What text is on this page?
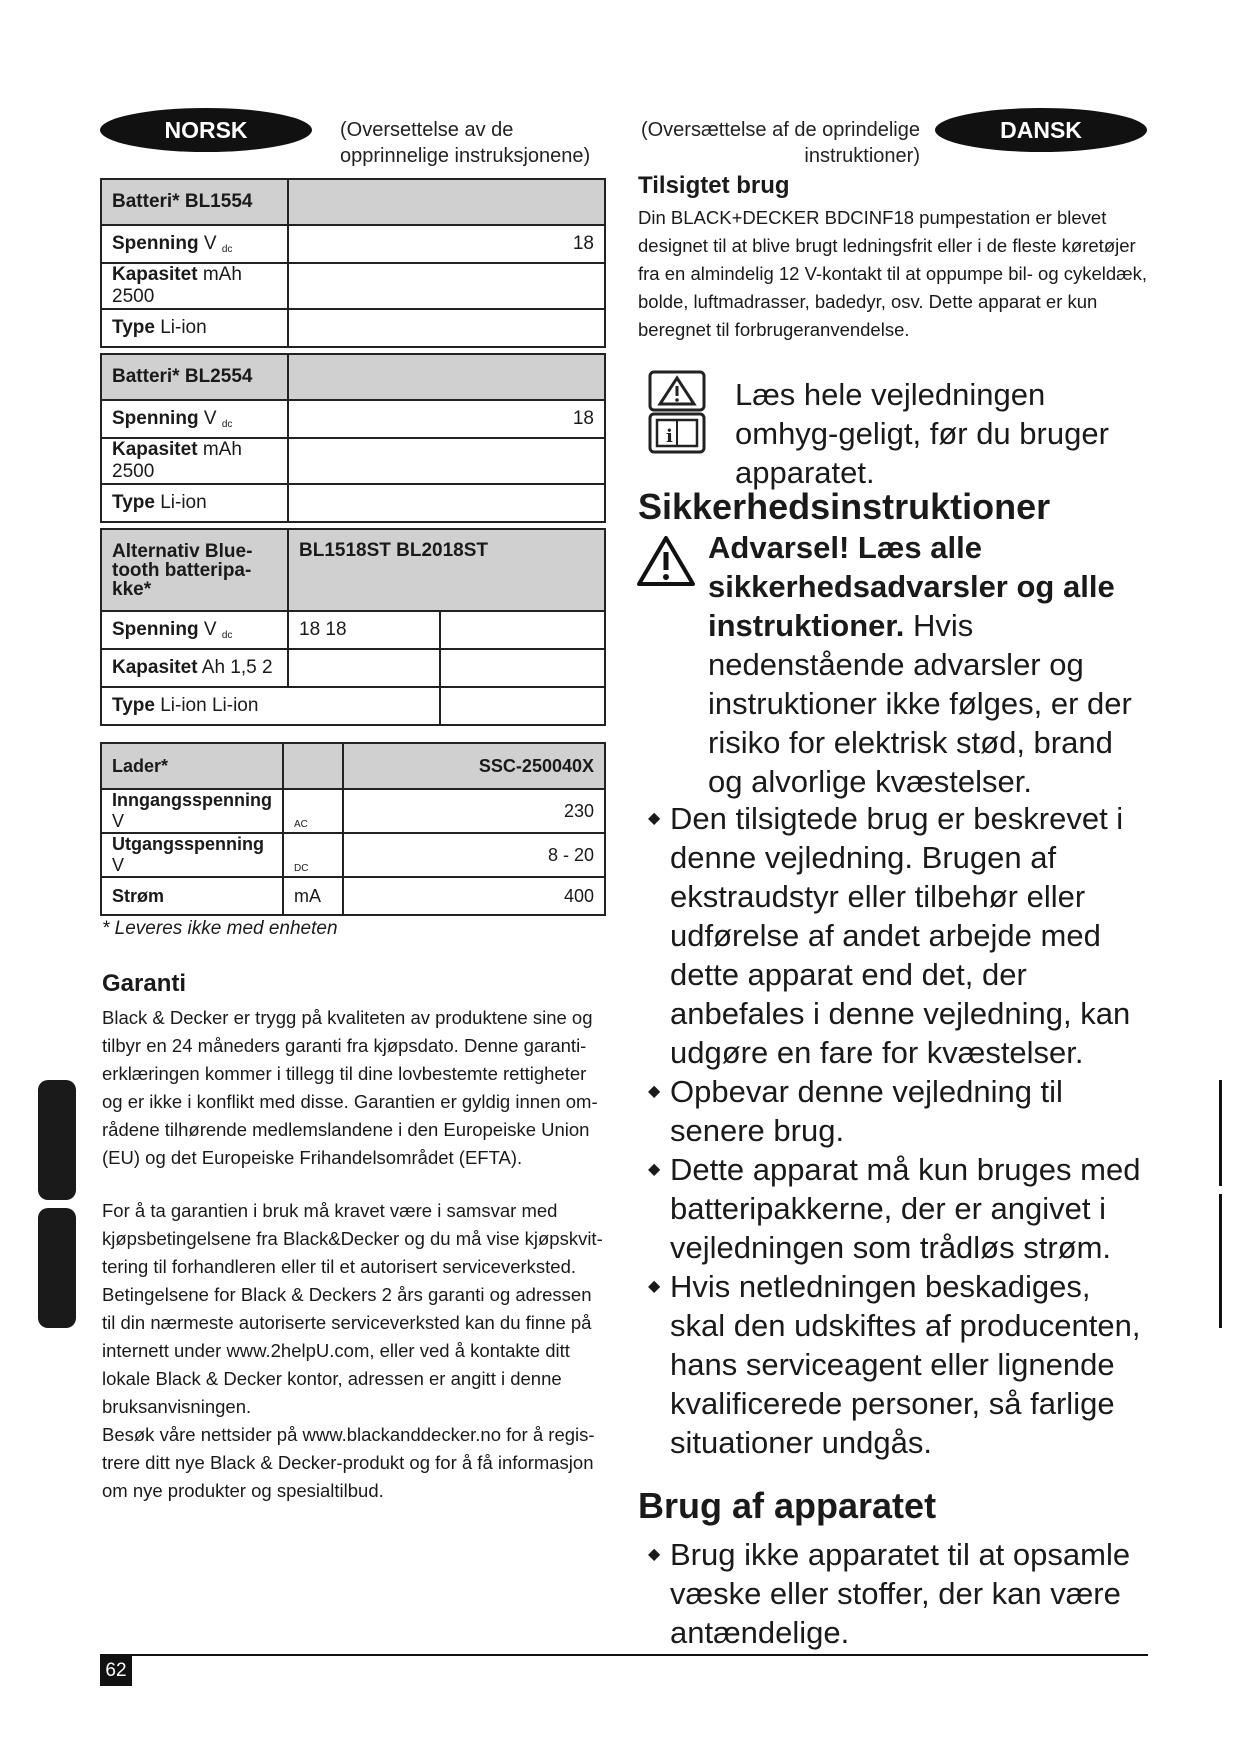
NORSK	(Oversettelse av de opprinnelige instruksjonene)
Batteri* BL1554	
Spenning V dc	18
Kapasitet mAh 2500	
Type Li-ion	
Batteri* BL2554	
Spenning V dc	18
Kapasitet mAh 2500	
Type Li-ion	
Alternativ Blue- tooth batteripa- kke*	BL1518ST BL2018ST	
Spenning V dc	18 18	
Kapasitet Ah 1,5 2		
Type Li-ion Li-ion		
Lader*		SSC-250040X
Inngangsspenning V	AC	230
Utgangsspenning V	DC	8 - 20
Strøm	mA	400
* Leveres ikke med enheten
Garanti
Black & Decker er trygg på kvaliteten av produktene sine og tilbyr en 24 måneders garanti fra kjøpsdato. Denne garanti-erklæringen kommer i tillegg til dine lovbestemte rettigheter og er ikke i konflikt med disse. Garantien er gyldig innen om-rådene tilhørende medlemslandene i den Europeiske Union (EU) og det Europeiske Frihandelsområdet (EFTA).
For å ta garantien i bruk må kravet være i samsvar med kjøpsbetingelsene fra Black&Decker og du må vise kjøpskvit-tering til forhandleren eller til et autorisert serviceverksted. Betingelsene for Black & Deckers 2 års garanti og adressen til din nærmeste autoriserte serviceverksted kan du finne på internett under www.2helpU.com, eller ved å kontakte ditt lokale Black & Decker kontor, adressen er angitt i denne bruksanvisningen.
Besøk våre nettsider på www.blackanddecker.no for å regis-trere ditt nye Black & Decker-produkt og for å få informasjon om nye produkter og spesialtilbud.
(Oversættelse af de oprindelige instruktioner)
DANSK
Tilsigtet brug
Din BLACK+DECKER BDCINF18 pumpestation er blevet designet til at blive brugt ledningsfrit eller i de fleste køretøjer fra en almindelig 12 V-kontakt til at oppumpe bil- og cykeldæk, bolde, luftmadrasser, badedyr, osv. Dette apparat er kun beregnet til forbrugeranvendelse.
i
Læs hele vejledningen omhyg-geligt, før du bruger apparatet.
Sikkerhedsinstruktioner
Advarsel! Læs alle sikkerhedsadvarsler og alle instruktioner. Hvis nedenstående advarsler og instruktioner ikke følges, er der risiko for elektrisk stød, brand og alvorlige kvæstelser.
◆ Den tilsigtede brug er beskrevet i denne vejledning. Brugen af ekstraudstyr eller tilbehør eller udførelse af andet arbejde med dette apparat end det, der anbefales i denne vejledning, kan udgøre en fare for kvæstelser.
◆ Opbevar denne vejledning til senere brug.
◆ Dette apparat må kun bruges med batteripakkerne, der er angivet i vejledningen som trådløs strøm.
◆ Hvis netledningen beskadiges, skal den udskiftes af producenten, hans serviceagent eller lignende kvalificerede personer, så farlige situationer undgås.
Brug af apparatet
◆ Brug ikke apparatet til at opsamle væske eller stoffer, der kan være antændelige.
62
